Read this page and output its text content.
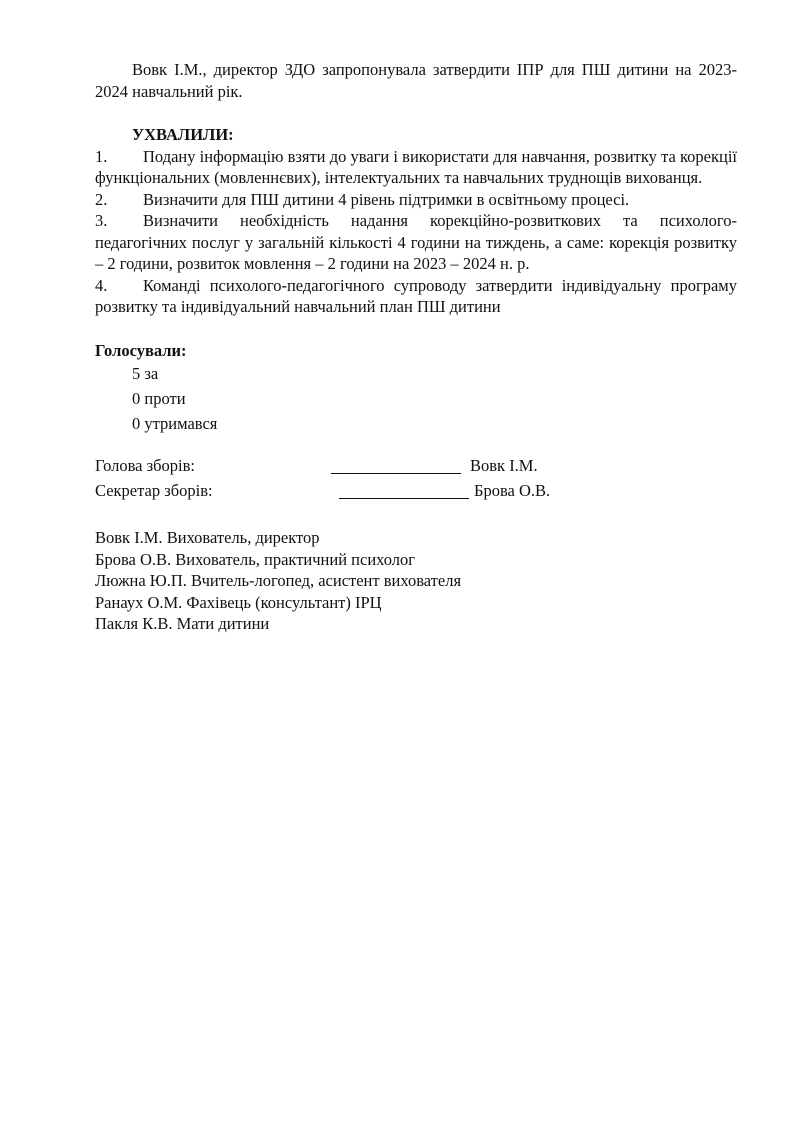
Вовк І.М., директор ЗДО запропонувала затвердити ІПР для ПШ дитини на 2023-2024 навчальний рік.

УХВАЛИЛИ:

1. Подану інформацію взяти до уваги і використати для навчання, розвитку та корекції функціональних (мовленнєвих), інтелектуальних та навчальних труднощів вихованця.

2. Визначити для ПШ дитини 4 рівень підтримки в освітньому процесі.

3. Визначити необхідність надання корекційно-розвиткових та психолого-педагогічних послуг у загальній кількості 4 години на тиждень, а саме: корекція розвитку – 2 години, розвиток мовлення – 2 години на 2023 – 2024 н. р.

4. Команді психолого-педагогічного супроводу затвердити індивідуальну програму розвитку та індивідуальний навчальний план ПШ дитини

Голосували:

5 за

0 проти

0 утримався

Голова зборів:	Вовк І.М.
Секретар зборів:	Брова О.В.

Вовк І.М. Вихователь, директор

Брова О.В. Вихователь, практичний психолог

Люжна Ю.П. Вчитель-логопед, асистент вихователя

Ранаух О.М. Фахівець (консультант) ІРЦ

Пакля К.В. Мати дитини
